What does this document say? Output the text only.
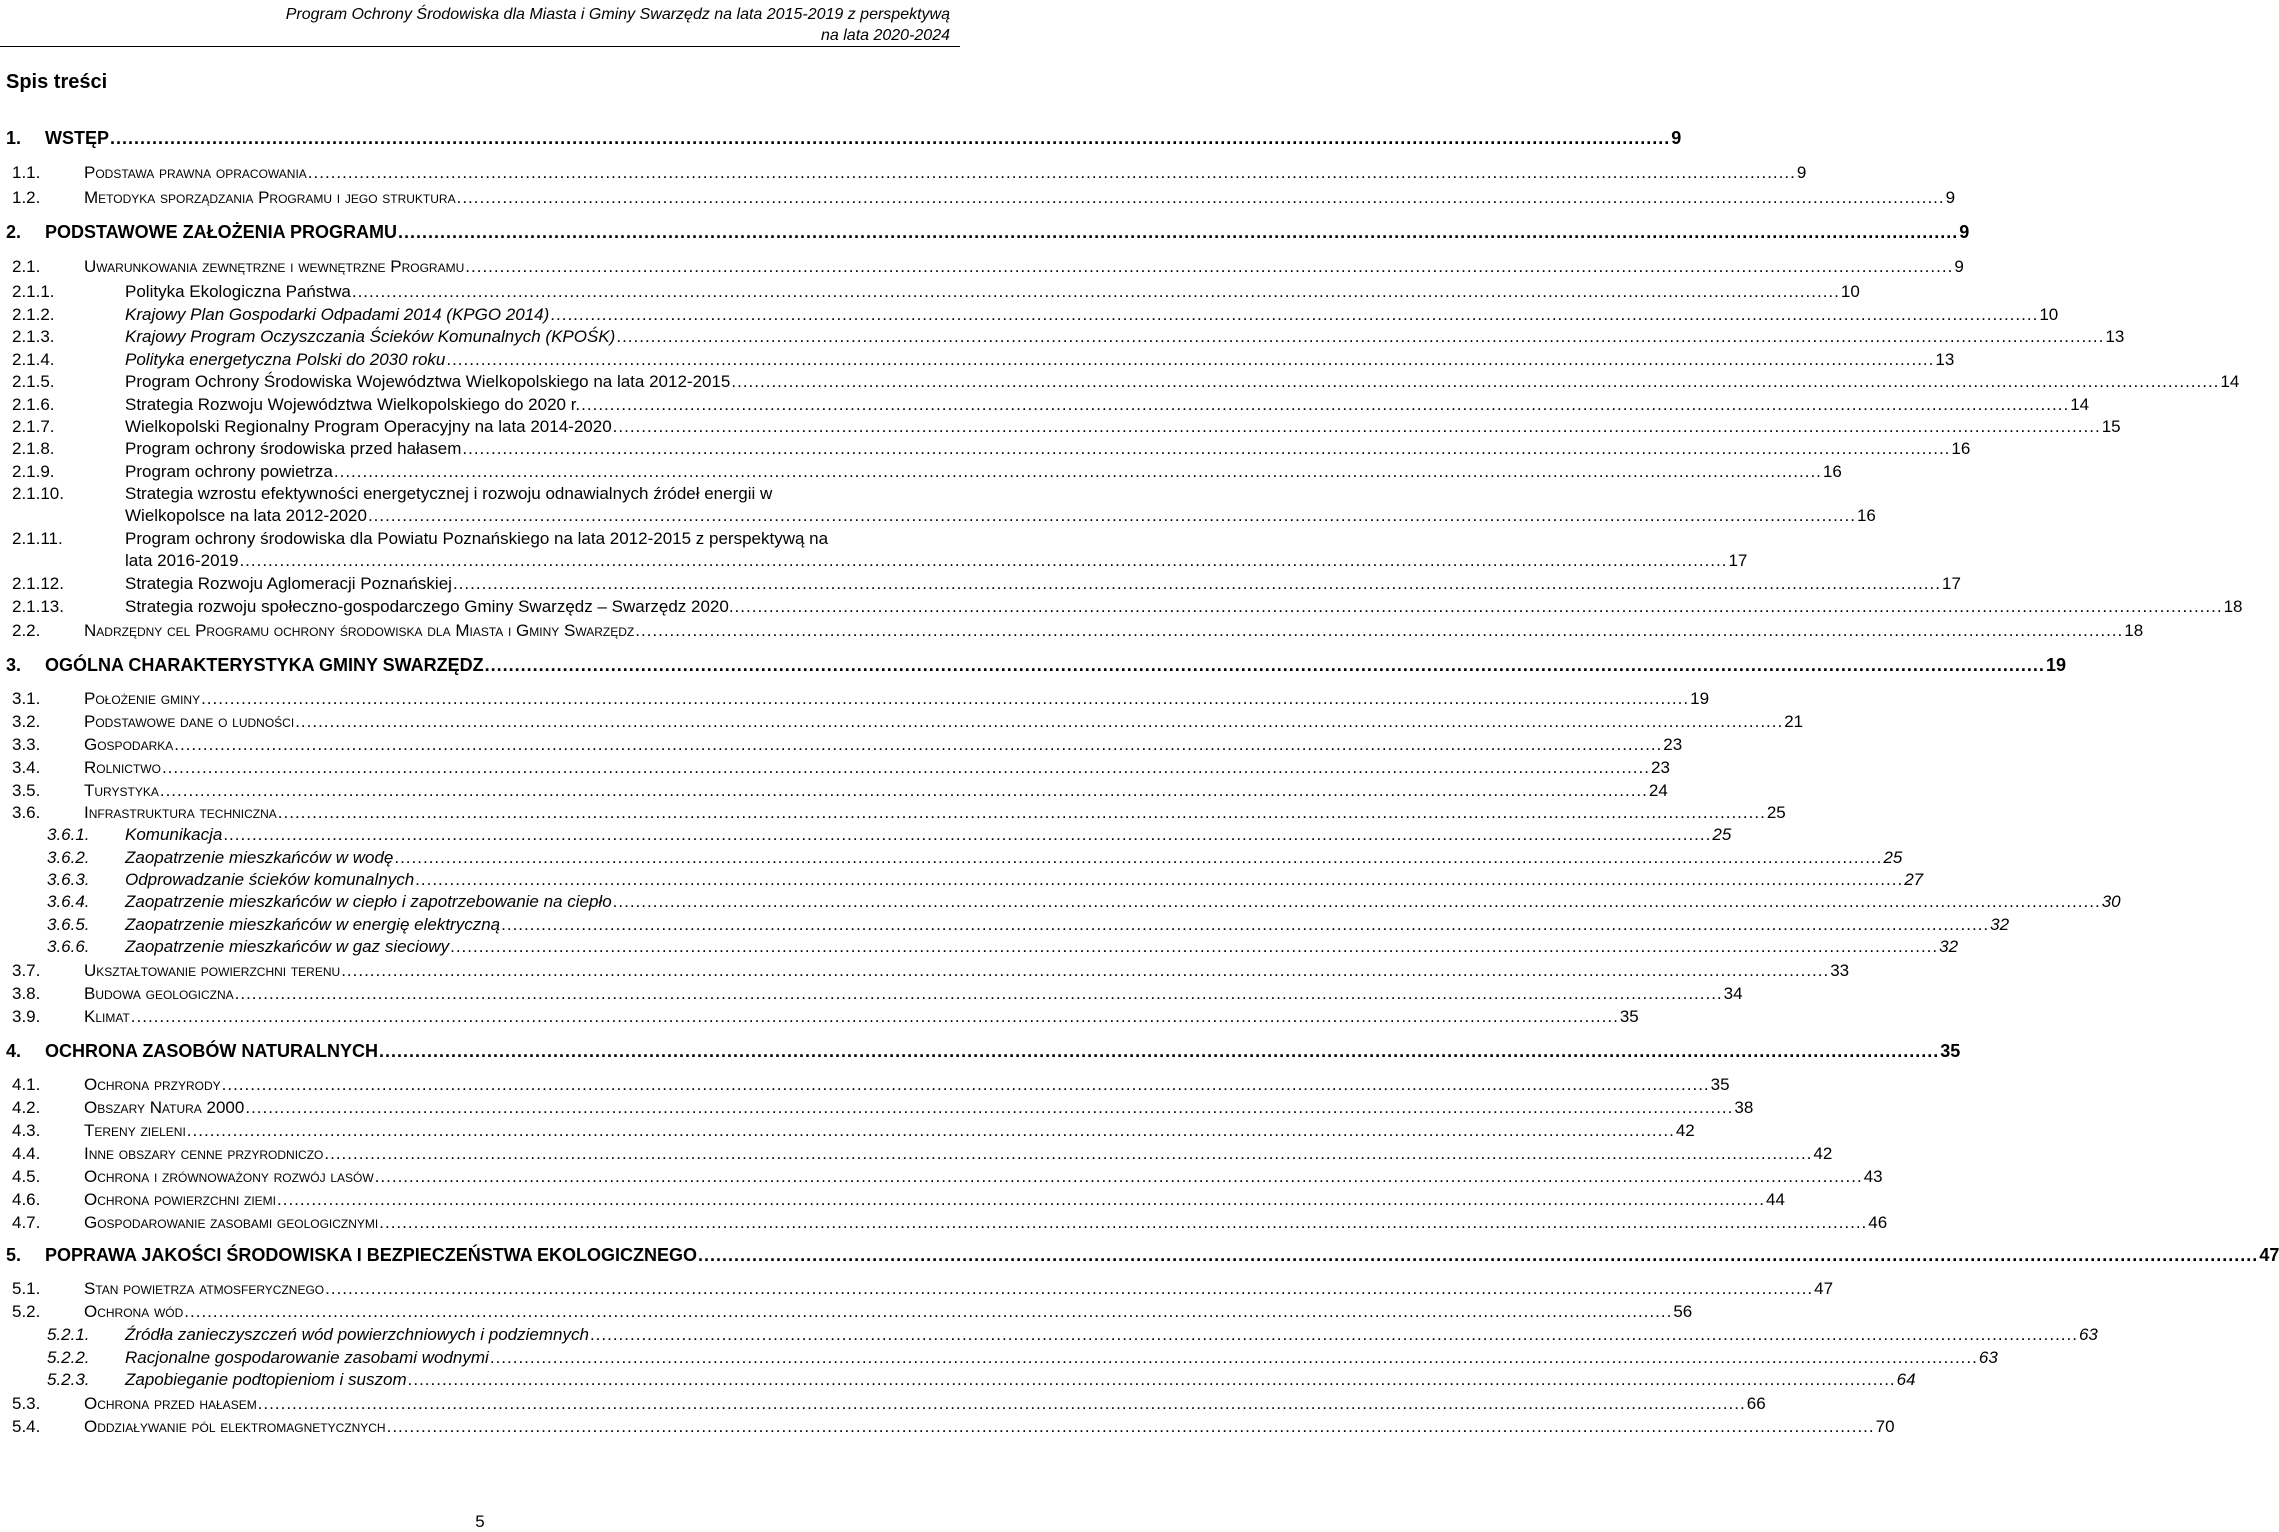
Program Ochrony Środowiska dla Miasta i Gminy Swarzędz na lata 2015-2019 z perspektywą
na lata 2020-2024
Spis treści
1. WSTĘP .................................................................................................................................................................................................................................................................... 9
1.1.	Podstawa prawna opracowania .................................................................................................................................................................................................................................................................... 9
1.2.	Metodyka sporządzania Programu i jego struktura .................................................................................................................................................................................................................................................................... 9
2. PODSTAWOWE ZAŁOŻENIA PROGRAMU .................................................................................................................................................................................................................................................................... 9
2.1.	Uwarunkowania zewnętrzne i wewnętrzne Programu .................................................................................................................................................................................................................................................................... 9
2.1.1.	Polityka Ekologiczna Państwa .................................................................................................................................................................................................................................................................... 10
2.1.2.	Krajowy Plan Gospodarki Odpadami 2014 (KPGO 2014) .................................................................................................................................................................................................................................................................... 10
2.1.3.	Krajowy Program Oczyszczania Ścieków Komunalnych (KPOŚK) .................................................................................................................................................................................................................................................................... 13
2.1.4.	Polityka energetyczna Polski do 2030 roku .................................................................................................................................................................................................................................................................... 13
2.1.5.	Program Ochrony Środowiska Województwa Wielkopolskiego na lata 2012-2015 .................................................................................................................................................................................................................................................................... 14
2.1.6.	Strategia Rozwoju Województwa Wielkopolskiego do 2020 r. .................................................................................................................................................................................................................................................................... 14
2.1.7.	Wielkopolski Regionalny Program Operacyjny na lata 2014-2020 .................................................................................................................................................................................................................................................................... 15
2.1.8.	Program ochrony środowiska przed hałasem .................................................................................................................................................................................................................................................................... 16
2.1.9.	Program ochrony powietrza .................................................................................................................................................................................................................................................................... 16
2.1.10.	Strategia wzrostu efektywności energetycznej i rozwoju odnawialnych źródeł energii w
Wielkopolsce na lata 2012-2020 .................................................................................................................................................................................................................................................................... 16
2.1.11.	Program ochrony środowiska dla Powiatu Poznańskiego na lata 2012-2015 z perspektywą na
lata 2016-2019 .................................................................................................................................................................................................................................................................... 17
2.1.12.	Strategia Rozwoju Aglomeracji Poznańskiej .................................................................................................................................................................................................................................................................... 17
2.1.13.	Strategia rozwoju społeczno-gospodarczego Gminy Swarzędz – Swarzędz 2020. .................................................................................................................................................................................................................................................................... 18
2.2.	Nadrzędny cel Programu ochrony środowiska dla Miasta i Gminy Swarzędz .................................................................................................................................................................................................................................................................... 18
3. OGÓLNA CHARAKTERYSTYKA GMINY SWARZĘDZ .................................................................................................................................................................................................................................................................... 19
3.1.	Położenie gminy .................................................................................................................................................................................................................................................................... 19
3.2.	Podstawowe dane o ludności .................................................................................................................................................................................................................................................................... 21
3.3.	Gospodarka .................................................................................................................................................................................................................................................................... 23
3.4.	Rolnictwo .................................................................................................................................................................................................................................................................... 23
3.5.	Turystyka .................................................................................................................................................................................................................................................................... 24
3.6.	Infrastruktura techniczna .................................................................................................................................................................................................................................................................... 25
3.6.1. Komunikacja .................................................................................................................................................................................................................................................................... 25
3.6.2. Zaopatrzenie mieszkańców w wodę .................................................................................................................................................................................................................................................................... 25
3.6.3. Odprowadzanie ścieków komunalnych .................................................................................................................................................................................................................................................................... 27
3.6.4. Zaopatrzenie mieszkańców w ciepło i zapotrzebowanie na ciepło .................................................................................................................................................................................................................................................................... 30
3.6.5. Zaopatrzenie mieszkańców w energię elektryczną .................................................................................................................................................................................................................................................................... 32
3.6.6. Zaopatrzenie mieszkańców w gaz sieciowy .................................................................................................................................................................................................................................................................... 32
3.7.	Ukształtowanie powierzchni terenu .................................................................................................................................................................................................................................................................... 33
3.8.	Budowa geologiczna .................................................................................................................................................................................................................................................................... 34
3.9.	Klimat .................................................................................................................................................................................................................................................................... 35
4. OCHRONA ZASOBÓW NATURALNYCH .................................................................................................................................................................................................................................................................... 35
4.1.	Ochrona przyrody .................................................................................................................................................................................................................................................................... 35
4.2.	Obszary Natura 2000 .................................................................................................................................................................................................................................................................... 38
4.3.	Tereny zieleni .................................................................................................................................................................................................................................................................... 42
4.4.	Inne obszary cenne przyrodniczo .................................................................................................................................................................................................................................................................... 42
4.5.	Ochrona i zrównoważony rozwój lasów .................................................................................................................................................................................................................................................................... 43
4.6.	Ochrona powierzchni ziemi .................................................................................................................................................................................................................................................................... 44
4.7.	Gospodarowanie zasobami geologicznymi .................................................................................................................................................................................................................................................................... 46
5. POPRAWA JAKOŚCI ŚRODOWISKA I BEZPIECZEŃSTWA EKOLOGICZNEGO .................................................................................................................................................................................................................................................................... 47
5.1.	Stan powietrza atmosferycznego .................................................................................................................................................................................................................................................................... 47
5.2.	Ochrona wód .................................................................................................................................................................................................................................................................... 56
5.2.1. Źródła zanieczyszczeń wód powierzchniowych i podziemnych .................................................................................................................................................................................................................................................................... 63
5.2.2. Racjonalne gospodarowanie zasobami wodnymi .................................................................................................................................................................................................................................................................... 63
5.2.3. Zapobieganie podtopieniom i suszom .................................................................................................................................................................................................................................................................... 64
5.3.	Ochrona przed hałasem .................................................................................................................................................................................................................................................................... 66
5.4.	Oddziaływanie pól elektromagnetycznych .................................................................................................................................................................................................................................................................... 70
5
